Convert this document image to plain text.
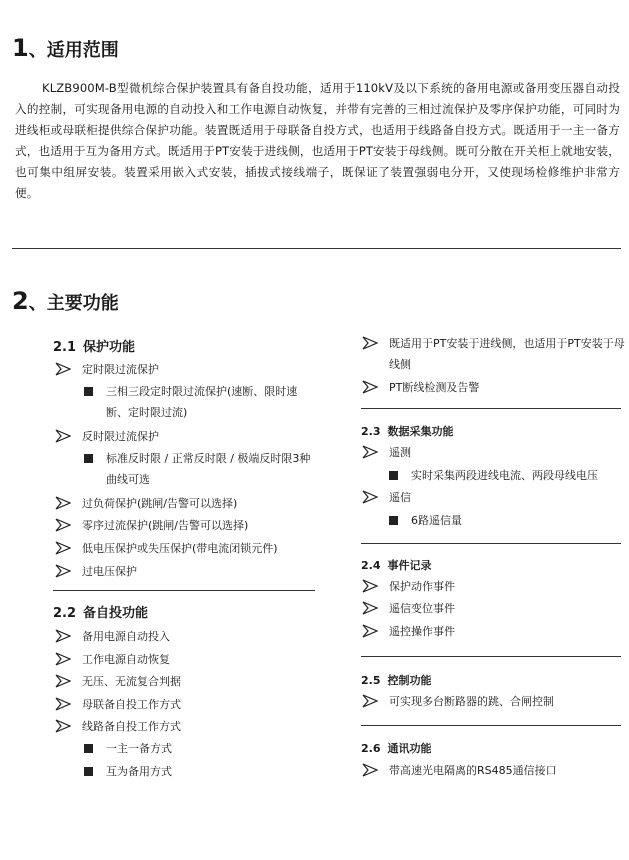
1、适用范围
KLZB900M-B型微机综合保护装置具有备自投功能，适用于110kV及以下系统的备用电源或备用变压器自动投入的控制，可实现备用电源的自动投入和工作电源自动恢复，并带有完善的三相过流保护及零序保护功能，可同时为进线柜或母联柜提供综合保护功能。装置既适用于母联备自投方式，也适用于线路备自投方式。既适用于一主一备方式，也适用于互为备用方式。既适用于PT安装于进线侧，也适用于PT安装于母线侧。既可分散在开关柜上就地安装，也可集中组屏安装。装置采用嵌入式安装，插拔式接线端子，既保证了装置强弱电分开，又使现场检修维护非常方便。
2、主要功能
2.1 保护功能
定时限过流保护
三相三段定时限过流保护(速断、限时速断、定时限过流)
反时限过流保护
标准反时限 / 正常反时限 / 极端反时限3种曲线可选
过负荷保护(跳闸/告警可以选择)
零序过流保护(跳闸/告警可以选择)
低电压保护或失压保护(带电流闭锁元件)
过电压保护
2.2 备自投功能
备用电源自动投入
工作电源自动恢复
无压、无流复合判据
母联备自投工作方式
线路备自投工作方式
一主一备方式
互为备用方式
既适用于PT安装于进线侧，也适用于PT安装于母线侧
PT断线检测及告警
2.3 数据采集功能
遥测
实时采集两段进线电流、两段母线电压
遥信
6路遥信量
2.4 事件记录
保护动作事件
遥信变位事件
遥控操作事件
2.5 控制功能
可实现多台断路器的跳、合闸控制
2.6 通讯功能
带高速光电隔离的RS485通信接口
